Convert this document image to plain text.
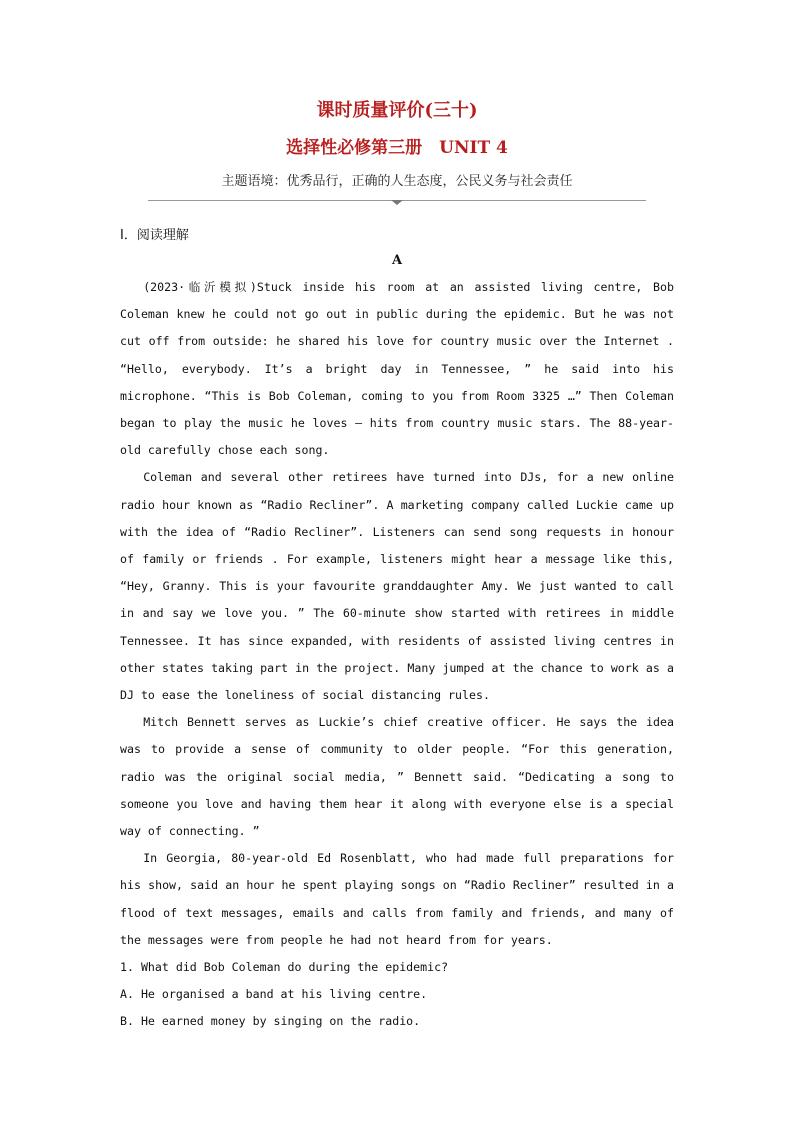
课时质量评价(三十)
选择性必修第三册　UNIT 4
主题语境：优秀品行，正确的人生态度，公民义务与社会责任
Ⅰ．阅读理解
A

(2023·临沂模拟)Stuck inside his room at an assisted living centre, Bob Coleman knew he could not go out in public during the epidemic. But he was not cut off from outside: he shared his love for country music over the Internet . “Hello, everybody. It’s a bright day in Tennessee, ” he said into his microphone. “This is Bob Coleman, coming to you from Room 3325 …” Then Coleman began to play the music he loves — hits from country music stars. The 88-year-old carefully chose each song.

Coleman and several other retirees have turned into DJs, for a new online radio hour known as “Radio Recliner”. A marketing company called Luckie came up with the idea of “Radio Recliner”. Listeners can send song requests in honour of family or friends . For example, listeners might hear a message like this, “Hey, Granny. This is your favourite granddaughter Amy. We just wanted to call in and say we love you. ” The 60-minute show started with retirees in middle Tennessee. It has since expanded, with residents of assisted living centres in other states taking part in the project. Many jumped at the chance to work as a DJ to ease the loneliness of social distancing rules.

Mitch Bennett serves as Luckie’s chief creative officer. He says the idea was to provide a sense of community to older people. “For this generation, radio was the original social media, ” Bennett said. “Dedicating a song to someone you love and having them hear it along with everyone else is a special way of connecting. ”

In Georgia, 80-year-old Ed Rosenblatt, who had made full preparations for his show, said an hour he spent playing songs on “Radio Recliner” resulted in a flood of text messages, emails and calls from family and friends, and many of the messages were from people he had not heard from for years.

1. What did Bob Coleman do during the epidemic?

A. He organised a band at his living centre.

B. He earned money by singing on the radio.
